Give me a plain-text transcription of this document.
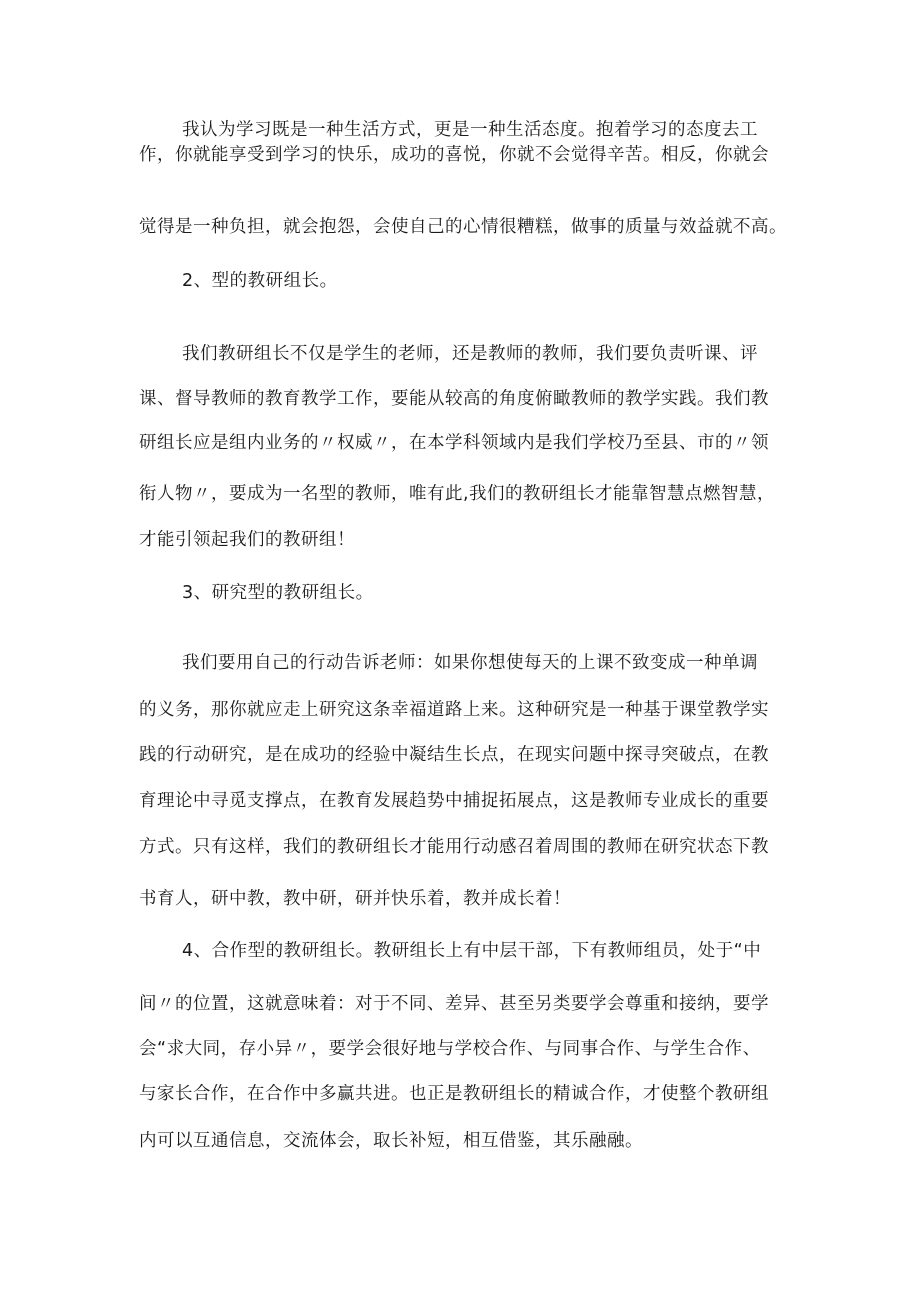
我认为学习既是一种生活方式，更是一种生活态度。抱着学习的态度去工
作，你就能享受到学习的快乐，成功的喜悦，你就不会觉得辛苦。相反，你就会
觉得是一种负担，就会抱怨，会使自己的心情很糟糕，做事的质量与效益就不高。
2、型的教研组长。
我们教研组长不仅是学生的老师，还是教师的教师，我们要负责听课、评
课、督导教师的教育教学工作，要能从较高的角度俯瞰教师的教学实践。我们教
研组长应是组内业务的〃权威〃，在本学科领域内是我们学校乃至县、市的〃领
衔人物〃，要成为一名型的教师，唯有此,我们的教研组长才能靠智慧点燃智慧，
才能引领起我们的教研组！
3、研究型的教研组长。
我们要用自己的行动告诉老师：如果你想使每天的上课不致变成一种单调
的义务，那你就应走上研究这条幸福道路上来。这种研究是一种基于课堂教学实
践的行动研究，是在成功的经验中凝结生长点，在现实问题中探寻突破点，在教
育理论中寻觅支撑点，在教育发展趋势中捕捉拓展点，这是教师专业成长的重要
方式。只有这样，我们的教研组长才能用行动感召着周围的教师在研究状态下教
书育人，研中教，教中研，研并快乐着，教并成长着！
4、合作型的教研组长。教研组长上有中层干部，下有教师组员，处于“中
间〃的位置，这就意味着：对于不同、差异、甚至另类要学会尊重和接纳，要学
会“求大同，存小异〃，要学会很好地与学校合作、与同事合作、与学生合作、
与家长合作，在合作中多赢共进。也正是教研组长的精诚合作，才使整个教研组
内可以互通信息，交流体会，取长补短，相互借鉴，其乐融融。
